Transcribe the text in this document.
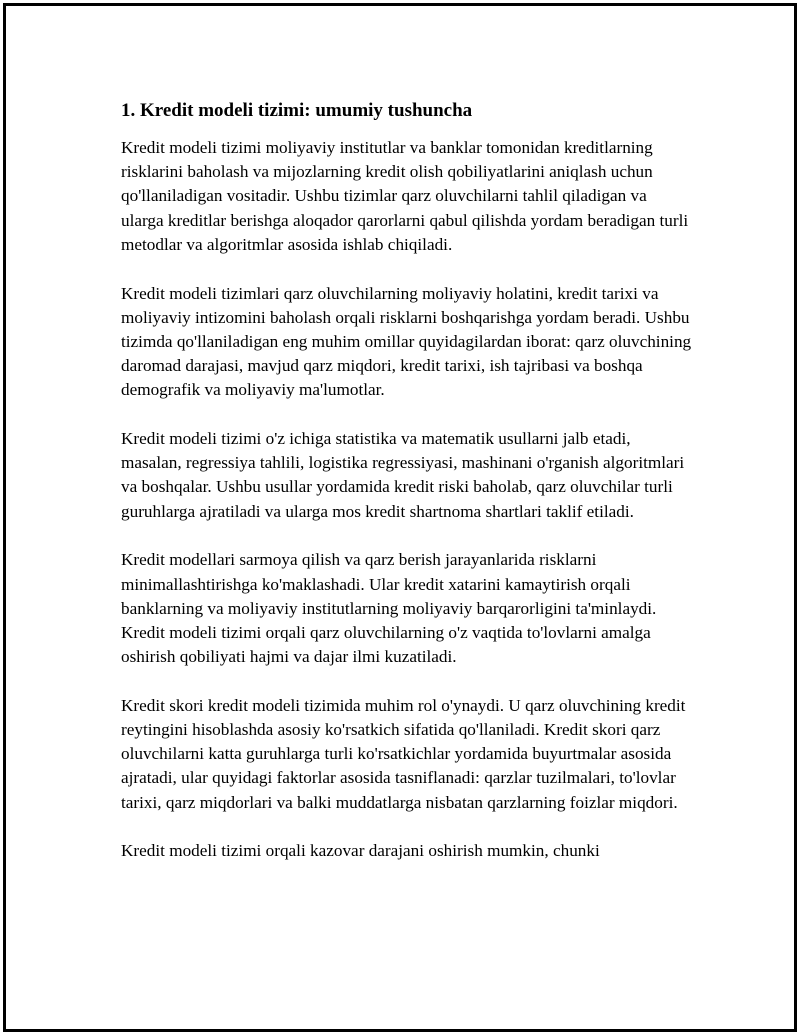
1. Kredit modeli tizimi: umumiy tushuncha

Kredit modeli tizimi moliyaviy institutlar va banklar tomonidan kreditlarning risklarini baholash va mijozlarning kredit olish qobiliyatlarini aniqlash uchun qo'llaniladigan vositadir. Ushbu tizimlar qarz oluvchilarni tahlil qiladigan va ularga kreditlar berishga aloqador qarorlarni qabul qilishda yordam beradigan turli metodlar va algoritmlar asosida ishlab chiqiladi.

Kredit modeli tizimlari qarz oluvchilarning moliyaviy holatini, kredit tarixi va moliyaviy intizomini baholash orqali risklarni boshqarishga yordam beradi. Ushbu tizimda qo'llaniladigan eng muhim omillar quyidagilardan iborat: qarz oluvchining daromad darajasi, mavjud qarz miqdori, kredit tarixi, ish tajribasi va boshqa demografik va moliyaviy ma'lumotlar.

Kredit modeli tizimi o'z ichiga statistika va matematik usullarni jalb etadi, masalan, regressiya tahlili, logistika regressiyasi, mashinani o'rganish algoritmlari va boshqalar. Ushbu usullar yordamida kredit riski baholab, qarz oluvchilar turli guruhlarga ajratiladi va ularga mos kredit shartnoma shartlari taklif etiladi.

Kredit modellari sarmoya qilish va qarz berish jarayanlarida risklarni minimallashtirishga ko'maklashadi. Ular kredit xatarini kamaytirish orqali banklarning va moliyaviy institutlarning moliyaviy barqarorligini ta'minlaydi. Kredit modeli tizimi orqali qarz oluvchilarning o'z vaqtida to'lovlarni amalga oshirish qobiliyati hajmi va dajar ilmi kuzatiladi.

Kredit skori kredit modeli tizimida muhim rol o'ynaydi. U qarz oluvchining kredit reytingini hisoblashda asosiy ko'rsatkich sifatida qo'llaniladi. Kredit skori qarz oluvchilarni katta guruhlarga turli ko'rsatkichlar yordamida buyurtmalar asosida ajratadi, ular quyidagi faktorlar asosida tasniflanadi: qarzlar tuzilmalari, to'lovlar tarixi, qarz miqdorlari va balki muddatlarga nisbatan qarzlarning foizlar miqdori.

Kredit modeli tizimi orqali kazovar darajani oshirish mumkin, chunki
